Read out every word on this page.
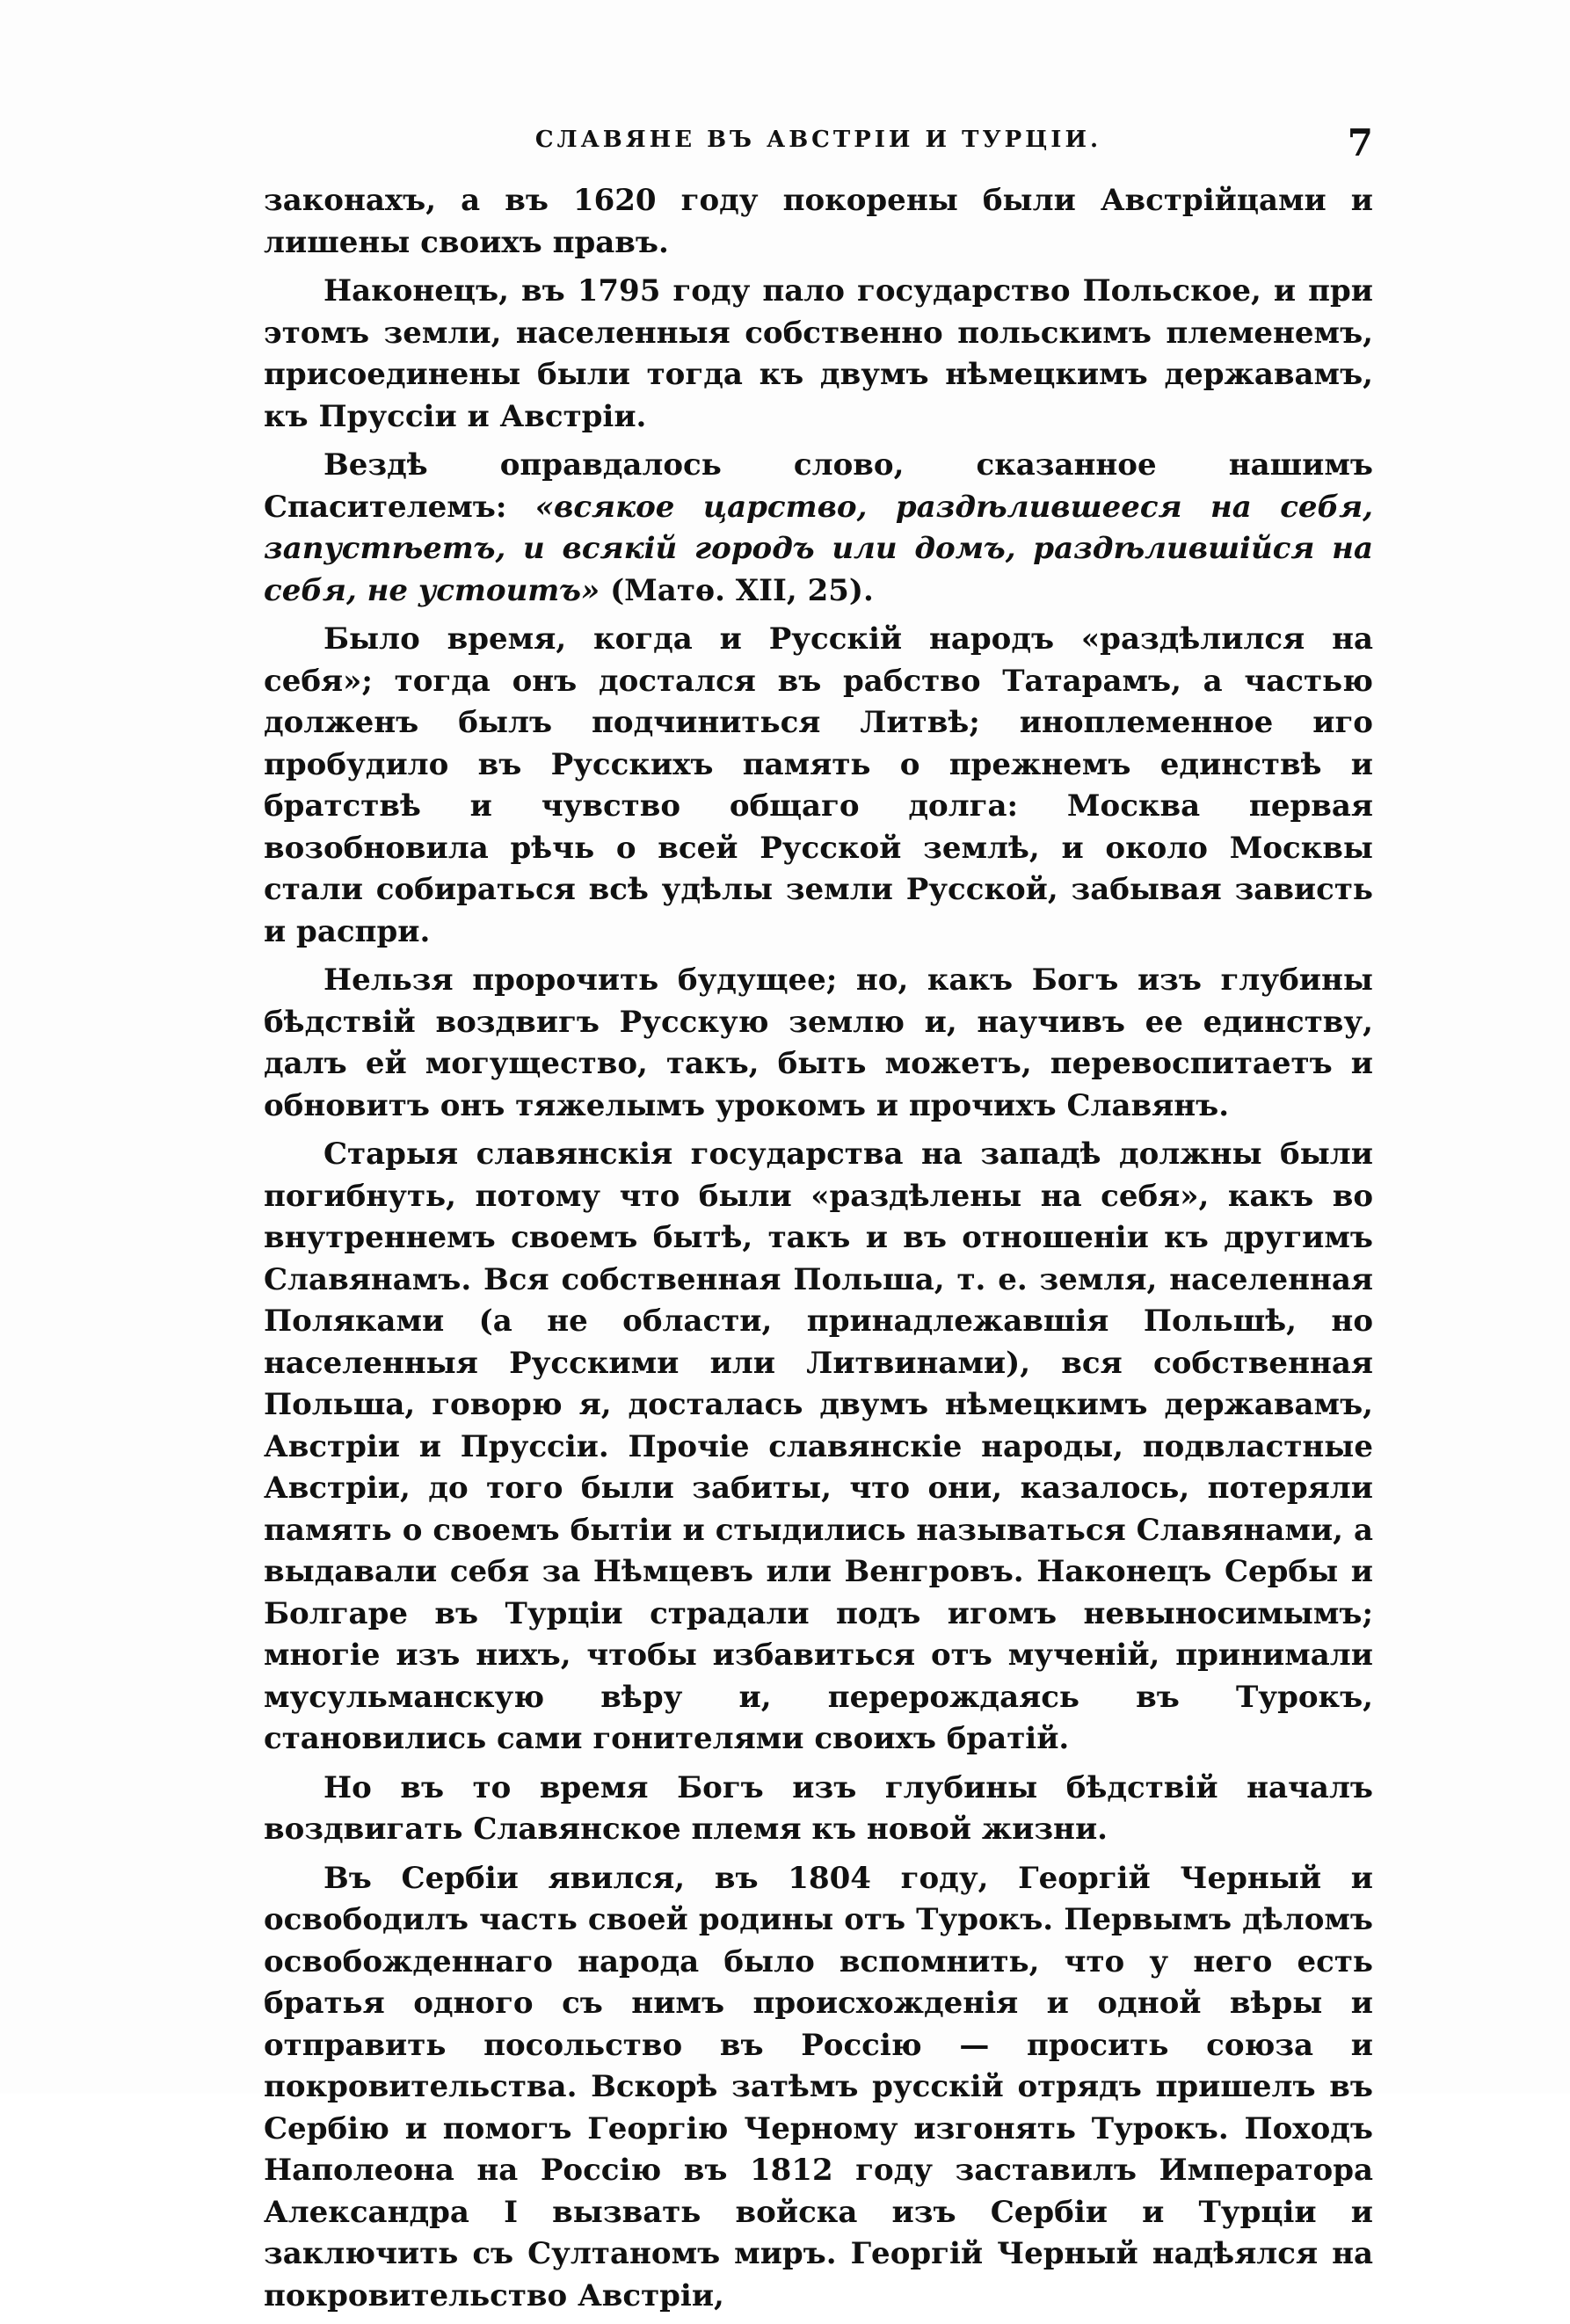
СЛАВЯНЕ ВЪ АВСТРІИ И ТУРЦІИ.	7

законахъ, а въ 1620 году покорены были Австрійцами и лишены своихъ правъ.

Наконецъ, въ 1795 году пало государство Польское, и при этомъ земли, населенныя собственно польскимъ племенемъ, присоединены были тогда къ двумъ нѣмецкимъ державамъ, къ Пруссіи и Австріи.

Вездѣ оправдалось слово, сказанное нашимъ Спасителемъ: «всякое царство, раздѣлившееся на себя, запустѣетъ, и всякій городъ или домъ, раздѣлившійся на себя, не устоитъ» (Матѳ. XII, 25).

Было время, когда и Русскій народъ «раздѣлился на себя»; тогда онъ достался въ рабство Татарамъ, а частью долженъ былъ подчиниться Литвѣ; иноплеменное иго пробудило въ Русскихъ память о прежнемъ единствѣ и братствѣ и чувство общаго долга: Москва первая возобновила рѣчь о всей Русской землѣ, и около Москвы стали собираться всѣ удѣлы земли Русской, забывая зависть и распри.

Нельзя пророчить будущее; но, какъ Богъ изъ глубины бѣдствій воздвигъ Русскую землю и, научивъ ее единству, далъ ей могущество, такъ, быть можетъ, перевоспитаетъ и обновитъ онъ тяжелымъ урокомъ и прочихъ Славянъ.

Старыя славянскія государства на западѣ должны были погибнуть, потому что были «раздѣлены на себя», какъ во внутреннемъ своемъ бытѣ, такъ и въ отношеніи къ другимъ Славянамъ. Вся собственная Польша, т. е. земля, населенная Поляками (а не области, принадлежавшія Польшѣ, но населенныя Русскими или Литвинами), вся собственная Польша, говорю я, досталась двумъ нѣмецкимъ державамъ, Австріи и Пруссіи. Прочіе славянскіе народы, подвластные Австріи, до того были забиты, что они, казалось, потеряли память о своемъ бытіи и стыдились называться Славянами, а выдавали себя за Нѣмцевъ или Венгровъ. Наконецъ Сербы и Болгаре въ Турціи страдали подъ игомъ невыносимымъ; многіе изъ нихъ, чтобы избавиться отъ мученій, принимали мусульманскую вѣру и, перерождаясь въ Турокъ, становились сами гонителями своихъ братій.

Но въ то время Богъ изъ глубины бѣдствій началъ воздвигать Славянское племя къ новой жизни.

Въ Сербіи явился, въ 1804 году, Георгій Черный и освободилъ часть своей родины отъ Турокъ. Первымъ дѣломъ освобожденнаго народа было вспомнить, что у него есть братья одного съ нимъ происхожденія и одной вѣры и отправить посольство въ Россію — просить союза и покровительства. Вскорѣ затѣмъ русскій отрядъ пришелъ въ Сербію и помогъ Георгію Черному изгонять Турокъ. Походъ Наполеона на Россію въ 1812 году заставилъ Императора Александра I вызвать войска изъ Сербіи и Турціи и заключить съ Султаномъ миръ. Георгій Черный надѣялся на покровительство Австріи,
